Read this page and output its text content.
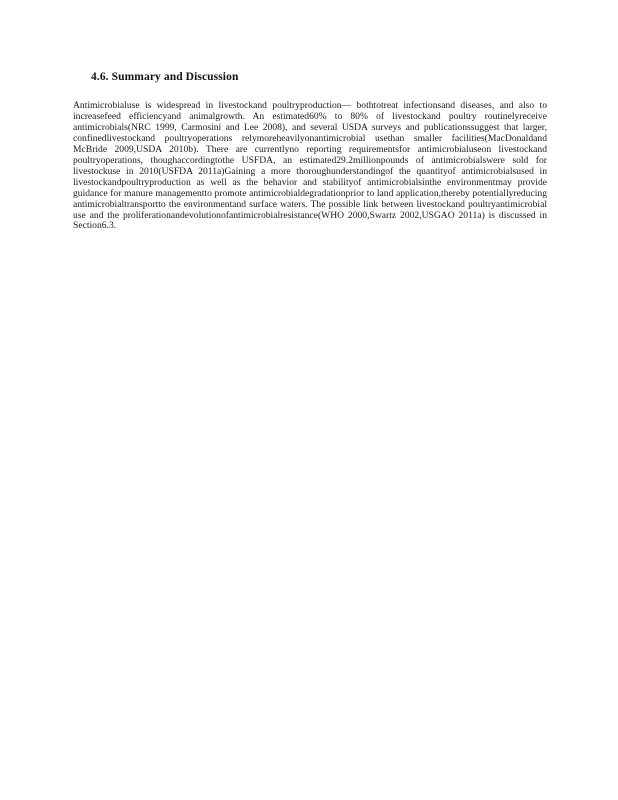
4.6. Summary and Discussion

Antimicrobialuse is widespread in livestockand poultryproduction— bothtotreat infectionsand diseases, and also to increasefeed efficiencyand animalgrowth. An estimated60% to 80% of livestockand poultry routinelyreceive antimicrobials(NRC 1999, Carmosini and Lee 2008), and several USDA surveys and publicationssuggest that larger, confinedlivestockand poultryoperations relymoreheavilyonantimicrobial usethan smaller facilities(MacDonaldand McBride 2009,USDA 2010b). There are currentlyno reporting requirementsfor antimicrobialuseon livestockand poultryoperations, thoughaccordingtothe USFDA, an estimated29.2millionpounds of antimicrobialswere sold for livestockuse in 2010(USFDA 2011a)Gaining a more thoroughunderstandingof the quantityof antimicrobialsused in livestockandpoultryproduction as well as the behavior and stabilityof antimicrobialsinthe environmentmay provide guidance for manure managementto promote antimicrobialdegradationprior to land application,thereby potentiallyreducing antimicrobialtransportto the environmentand surface waters. The possible link between livestockand poultryantimicrobial use and the proliferationandevolutionofantimicrobialresistance(WHO 2000,Swartz 2002,USGAO 2011a) is discussed in Section6.3.
